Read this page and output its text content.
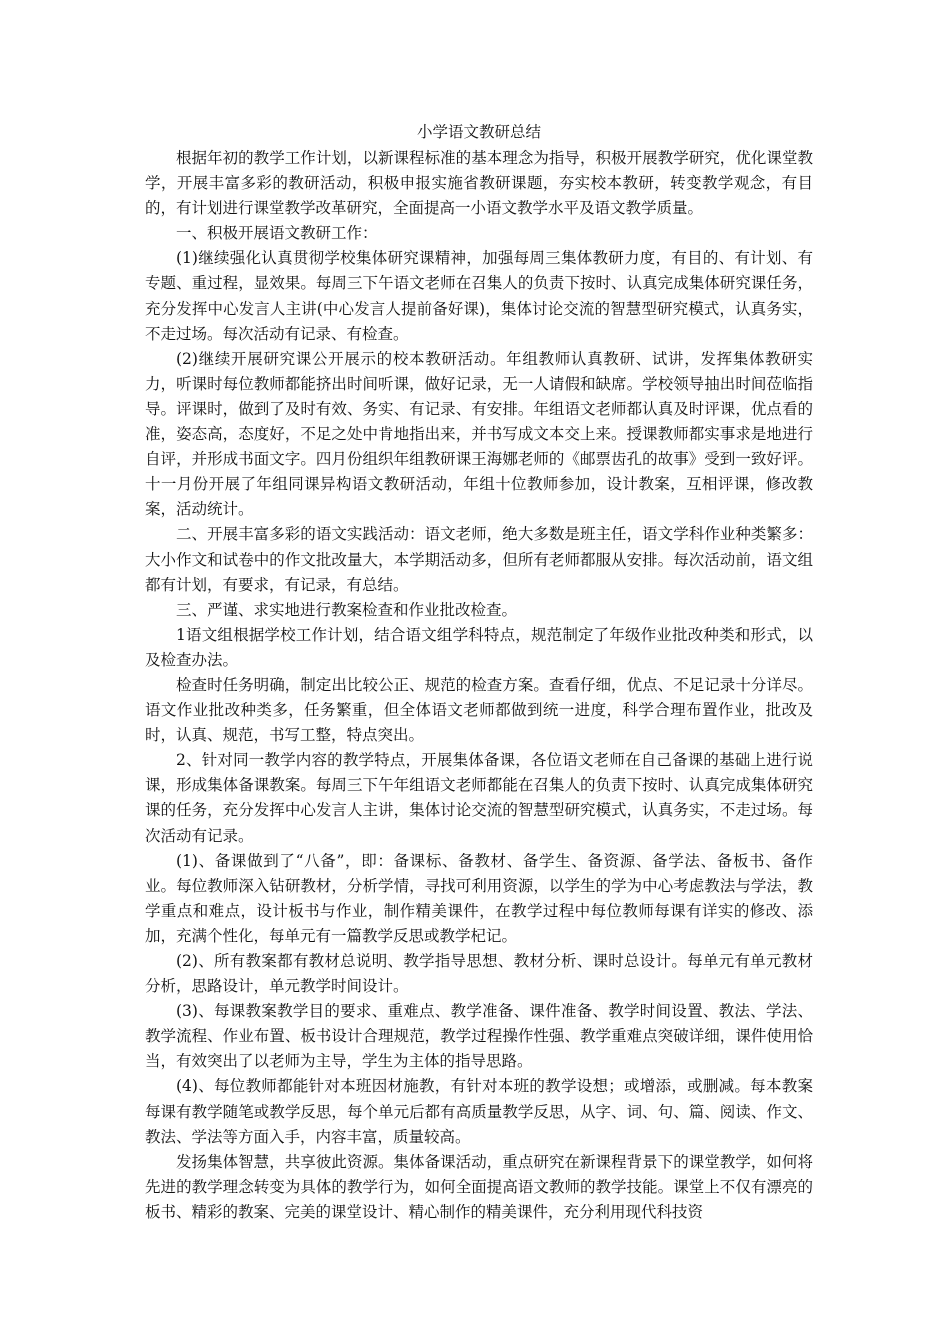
小学语文教研总结

根据年初的教学工作计划，以新课程标准的基本理念为指导，积极开展教学研究，优化课堂教学，开展丰富多彩的教研活动，积极申报实施省教研课题，夯实校本教研，转变教学观念，有目的，有计划进行课堂教学改革研究，全面提高一小语文教学水平及语文教学质量。

一、积极开展语文教研工作：

(1)继续强化认真贯彻学校集体研究课精神，加强每周三集体教研力度，有目的、有计划、有专题、重过程，显效果。每周三下午语文老师在召集人的负责下按时、认真完成集体研究课任务，充分发挥中心发言人主讲(中心发言人提前备好课)，集体讨论交流的智慧型研究模式，认真务实，不走过场。每次活动有记录、有检查。

(2)继续开展研究课公开展示的校本教研活动。年组教师认真教研、试讲，发挥集体教研实力，听课时每位教师都能挤出时间听课，做好记录，无一人请假和缺席。学校领导抽出时间莅临指导。评课时，做到了及时有效、务实、有记录、有安排。年组语文老师都认真及时评课，优点看的准，姿态高，态度好，不足之处中肯地指出来，并书写成文本交上来。授课教师都实事求是地进行自评，并形成书面文字。四月份组织年组教研课王海娜老师的《邮票齿孔的故事》受到一致好评。十一月份开展了年组同课异构语文教研活动，年组十位教师参加，设计教案，互相评课，修改教案，活动统计。

二、开展丰富多彩的语文实践活动：语文老师，绝大多数是班主任，语文学科作业种类繁多：大小作文和试卷中的作文批改量大，本学期活动多，但所有老师都服从安排。每次活动前，语文组都有计划，有要求，有记录，有总结。

三、严谨、求实地进行教案检查和作业批改检查。

1语文组根据学校工作计划，结合语文组学科特点，规范制定了年级作业批改种类和形式，以及检查办法。

检查时任务明确，制定出比较公正、规范的检查方案。查看仔细，优点、不足记录十分详尽。语文作业批改种类多，任务繁重，但全体语文老师都做到统一进度，科学合理布置作业，批改及时，认真、规范，书写工整，特点突出。

2、针对同一教学内容的教学特点，开展集体备课，各位语文老师在自己备课的基础上进行说课，形成集体备课教案。每周三下午年组语文老师都能在召集人的负责下按时、认真完成集体研究课的任务，充分发挥中心发言人主讲，集体讨论交流的智慧型研究模式，认真务实，不走过场。每次活动有记录。

(1)、备课做到了“八备”，即：备课标、备教材、备学生、备资源、备学法、备板书、备作业。每位教师深入钻研教材，分析学情，寻找可利用资源，以学生的学为中心考虑教法与学法，教学重点和难点，设计板书与作业，制作精美课件，在教学过程中每位教师每课有详实的修改、添加，充满个性化，每单元有一篇教学反思或教学杞记。

(2)、所有教案都有教材总说明、教学指导思想、教材分析、课时总设计。每单元有单元教材分析，思路设计，单元教学时间设计。

(3)、每课教案教学目的要求、重难点、教学准备、课件准备、教学时间设置、教法、学法、教学流程、作业布置、板书设计合理规范，教学过程操作性强、教学重难点突破详细，课件使用恰当，有效突出了以老师为主导，学生为主体的指导思路。

(4)、每位教师都能针对本班因材施教，有针对本班的教学设想；或增添，或删减。每本教案每课有教学随笔或教学反思，每个单元后都有高质量教学反思，从字、词、句、篇、阅读、作文、教法、学法等方面入手，内容丰富，质量较高。

发扬集体智慧，共享彼此资源。集体备课活动，重点研究在新课程背景下的课堂教学，如何将先进的教学理念转变为具体的教学行为，如何全面提高语文教师的教学技能。课堂上不仅有漂亮的板书、精彩的教案、完美的课堂设计、精心制作的精美课件，充分利用现代科技资
